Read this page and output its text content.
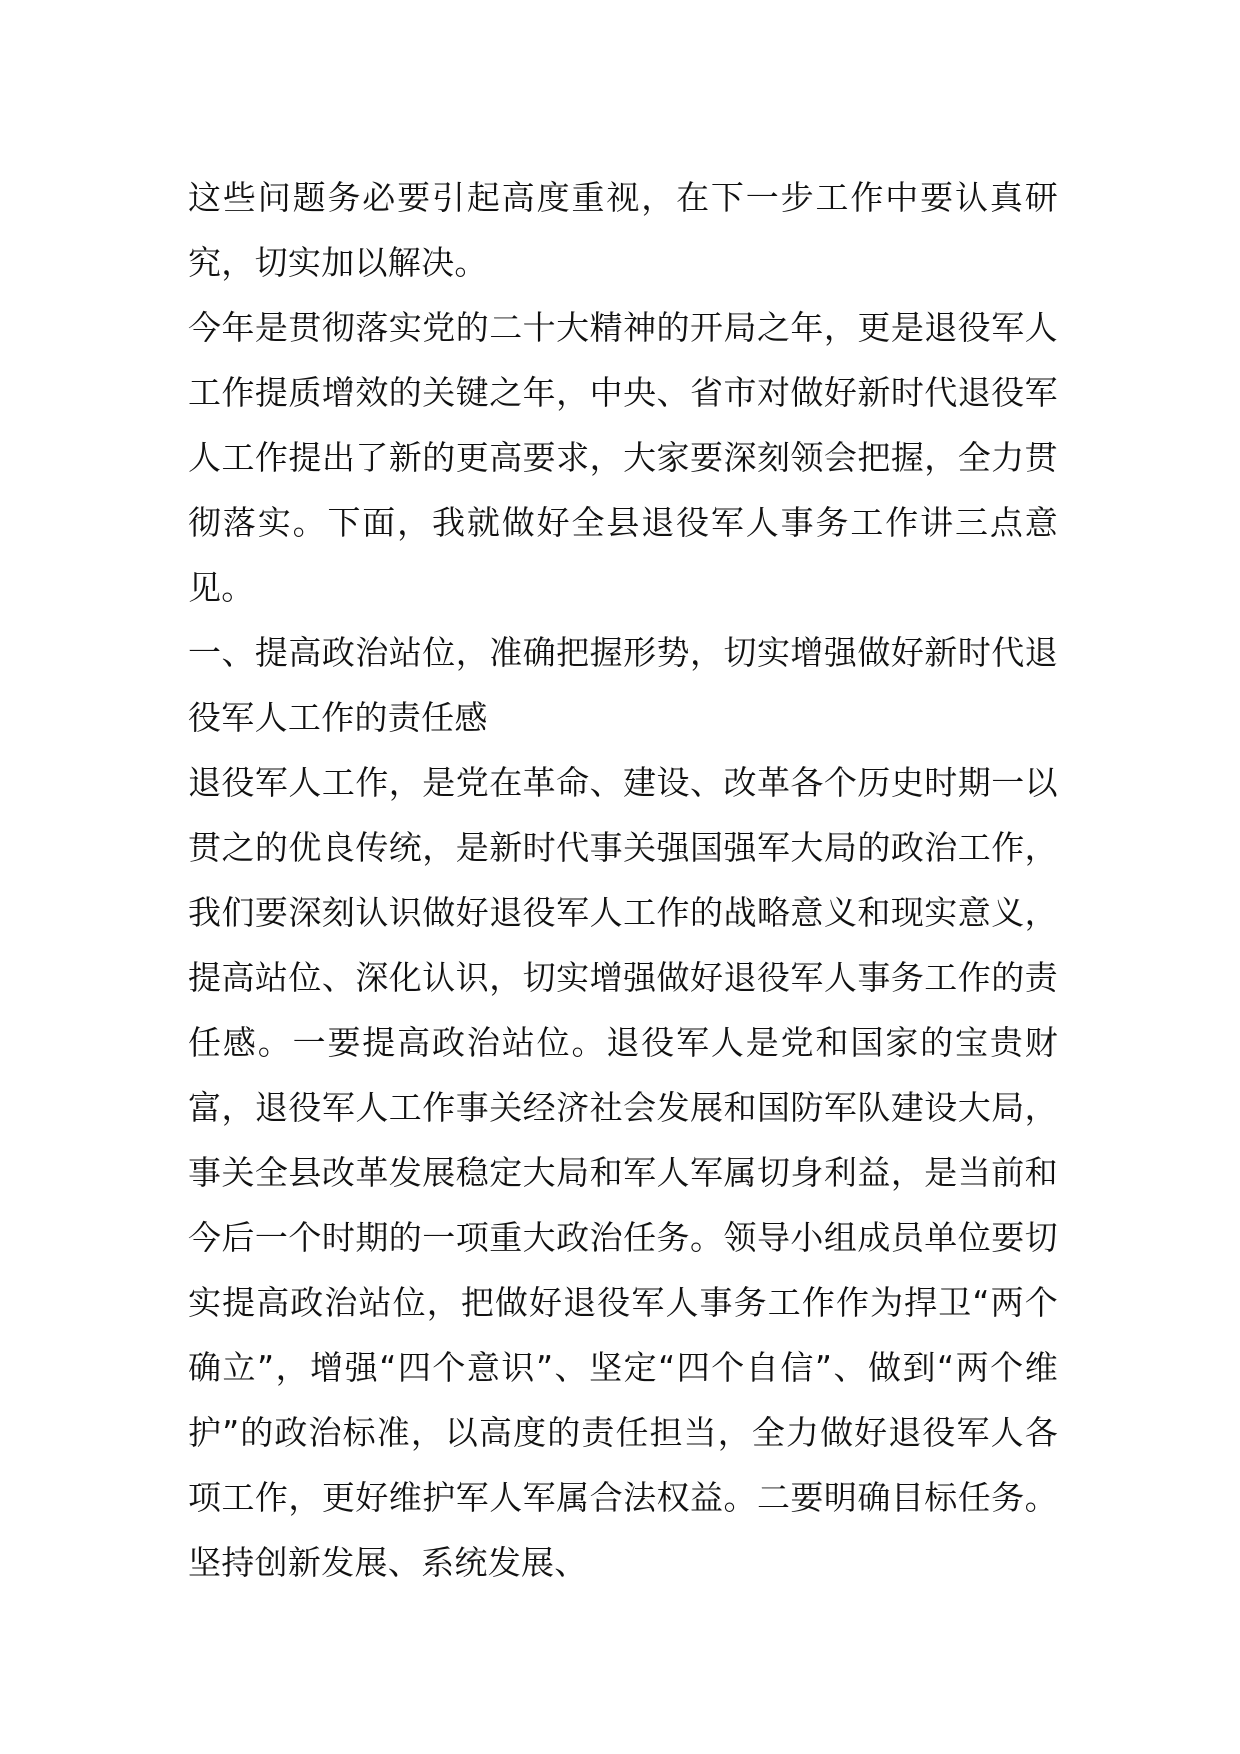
这些问题务必要引起高度重视，在下一步工作中要认真研究，切实加以解决。

今年是贯彻落实党的二十大精神的开局之年，更是退役军人工作提质增效的关键之年，中央、省市对做好新时代退役军人工作提出了新的更高要求，大家要深刻领会把握，全力贯彻落实。下面，我就做好全县退役军人事务工作讲三点意见。

一、提高政治站位，准确把握形势，切实增强做好新时代退役军人工作的责任感

退役军人工作，是党在革命、建设、改革各个历史时期一以贯之的优良传统，是新时代事关强国强军大局的政治工作，我们要深刻认识做好退役军人工作的战略意义和现实意义，提高站位、深化认识，切实增强做好退役军人事务工作的责任感。一要提高政治站位。退役军人是党和国家的宝贵财富，退役军人工作事关经济社会发展和国防军队建设大局，事关全县改革发展稳定大局和军人军属切身利益，是当前和今后一个时期的一项重大政治任务。领导小组成员单位要切实提高政治站位，把做好退役军人事务工作作为捍卫“两个确立”，增强“四个意识”、坚定“四个自信”、做到“两个维护”的政治标准，以高度的责任担当，全力做好退役军人各项工作，更好维护军人军属合法权益。二要明确目标任务。坚持创新发展、系统发展、
